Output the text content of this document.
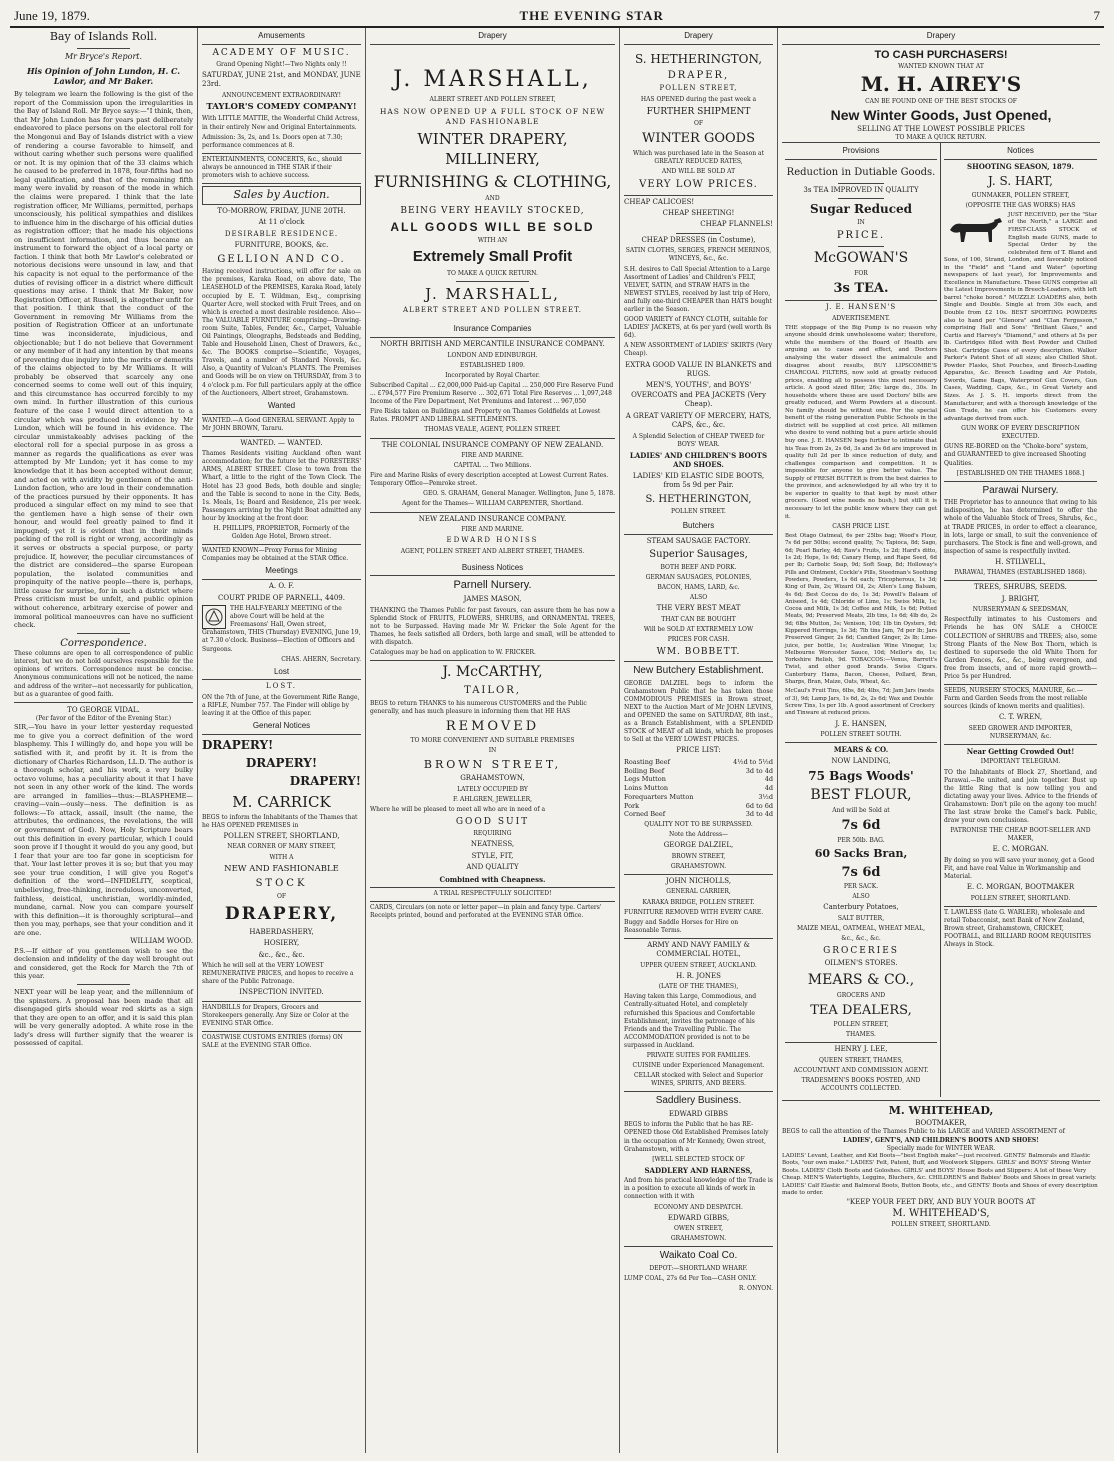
June 19, 1879.	THE EVENING STAR	7
Bay of Islands Roll.
Mr Bryce's Report.
His Opinion of John Lundon, H. C. Lawlor, and Mr Baker.
By telegram we learn the following is the gist of the report of the Commission upon the irregularities in the Bay of Island Roll. Mr Bryce says:—"I think, then, that Mr John Lundon has for years past deliberately endeavored to place persons on the electoral roll for the Mongonui and Bay of Islands district with a view of rendering a course favorable to himself, and without caring whether such persons were qualified or not. It is my opinion that of the 33 claims which he caused to be preferred in 1878, four-fifths had no legal qualification, and that of the remaining fifth many were invalid by reason of the mode in which the claims were prepared. I think that the late registration officer, Mr Williams, permitted, perhaps unconsciously, his political sympathies and dislikes to influence him in the discharge of his official duties as registration officer; that he made his objections on insufficient information, and thus became an instrument to forward the object of a local party or faction. I think that both Mr Lawlor's celebrated or notorious decisions were unsound in law, and that his capacity is not equal to the performance of the duties of revising officer in a district where difficult questions may arise. I think that Mr Baker, now Registration Officer, at Russell, is altogether unfit for that position. I think that the conduct of the Government in removing Mr Williams from the position of Registration Officer at an unfortunate time was inconsiderate, injudicious, and objectionable; but I do not believe that Government or any member of it had any intention by that means of preventing due inquiry into the merits or demerits of the claims objected to by Mr Williams. It will probably be observed that scarcely any one concerned seems to come well out of this inquiry, and this circumstance has occurred forcibly to my own mind. In further illustration of this curious feature of the case I would direct attention to a circular which was produced in evidence by Mr Lundon, which will be found in his evidence. The circular unmistakeably advises packing of the electoral roll for a special purpose in as gross a manner as regards the qualifications as ever was attempted by Mr Lundon; yet it has come to my knowledge that it has been accepted without demur, and acted on with avidity by gentlemen of the anti-Lundon faction, who are loud in their condemnation of the practices pursued by their opponents. It has produced a singular effect on my mind to see that the gentlemen have a high sense of their own honour, and would feel greatly pained to find it impugned; yet it is evident that in their minds packing of the roll is right or wrong, accordingly as it serves or obstructs a special purpose, or party prejudice. If, however, the peculiar circumstances of the district are considered—the sparse European population, the isolated communities and propinquity of the native people—there is, perhaps, little cause for surprise, for in such a district where Press criticism must be unfelt, and public opinion without coherence, arbitrary exercise of power and immoral political manoeuvres can have no sufficient check.
Correspondence.
These columns are open to all correspondence of public interest, but we do not hold ourselves responsible for the opinions of writers. Correspondence must be concise. Anonymous communications will not be noticed, the name and address of the writer—not necessarily for publication, but as a guarantee of good faith.
TO GEORGE VIDAL.
(Per favor of the Editor of the Evening Star.)
SIR,—You have in your letter yesterday requested me to give you a correct definition of the word blasphemy. This I willingly do, and hope you will be satisfied with it, and profit by it. It is from the dictionary of Charles Richardson, LL.D. The author is a thorough scholar, and his work, a very bulky octavo volume, has a peculiarity about it that I have not seen in any other work of the kind. The words are arranged in families—thus:—BLASPHEME—craving—vain—ously—ness. The definition is as follows:—To attack, assail, insult (the name, the attributes, the ordinances, the revelations, the will or government of God). Now, Holy Scripture bears out this definition in every particular, which I could soon prove if I thought it would do you any good, but I fear that your are too far gone in scepticism for that. Your last letter proves it is so; but that you may see your true condition, I will give you Roget's definition of the word—INFIDELITY, sceptical, unbelieving, free-thinking, incredulous, unconverted, faithless, deistical, unchristian, worldly-minded, mundane, carnal. Now you can compare yourself with this definition—it is thoroughly scriptural—and then you may, perhaps, see that your condition and it are one.
WILLIAM WOOD.
P.S.—If either of you gentlemen wish to see the declension and infidelity of the day well brought out and considered, get the Rock for March the 7th of this year.
NEXT year will be leap year, and the millennium of the spinsters. A proposal has been made that all disengaged girls should wear red skirts as a sign that they are open to an offer, and it is said this plan will be very generally adopted. A white rose in the lady's dress will further signify that the wearer is possessed of capital.
Amusements
ACADEMY OF MUSIC.
Grand Opening Night!—Two Nights only !!
SATURDAY, JUNE 21st, and MONDAY, JUNE 23rd.
ANNOUNCEMENT EXTRAORDINARY!
TAYLOR'S COMEDY COMPANY!
With LITTLE MATTIE, the Wonderful Child Actress, in their entirely New and Original Entertainments.
Admission: 3s, 2s, and 1s. Doors open at 7.30; performance commences at 8.
ENTERTAINMENTS, CONCERTS, &c., should always be announced in THE STAR if their promoters wish to achieve success.
Sales by Auction.
TO-MORROW, FRIDAY, JUNE 20TH.
At 11 o'clock
DESIRABLE RESIDENCE.
FURNITURE, BOOKS, &c.
GELLION AND CO.
Having received instructions, will offer for sale on the premises, Karaka Road, on above date, The LEASEHOLD of the PREMISES, Karaka Road, lately occupied by E. T. Wildman, Esq., comprising Quarter Acre, well stocked with Fruit Trees, and on which is erected a most desirable residence. Also—The VALUABLE FURNITURE comprising—Drawing-room Suite, Tables, Fender, &c., Carpet, Valuable Oil Paintings, Oleographs, Bedsteads and Bedding, Table and Household Linen, Chest of Drawers, &c., &c. The BOOKS comprise—Scientific, Voyages, Travels, and a number of Standard Novels, &c. Also, a Quantity of Vulcan's PLANTS. The Premises and Goods will be on view on THURSDAY, from 3 to 4 o'clock p.m. For full particulars apply at the office of the Auctioneers, Albert street, Grahamstown.
Wanted
WANTED.—A Good GENERAL SERVANT. Apply to Mr JOHN BROWN, Tararu.
WANTED. — WANTED.
Thames Residents visiting Auckland often want accommodation; for the future let the FORESTERS' ARMS, ALBERT STREET. Close to town from the Wharf, a little to the right of the Town Clock. The Hotel has 23 good Beds, both double and single; and the Table is second to none in the City. Beds, 1s. Meals, 1s; Board and Residence, 21s per week. Passengers arriving by the Night Boat admitted any hour by knocking at the front door.
H. PHILLIPS, PROPRIETOR, Formerly of the Golden Age Hotel, Brown street.
WANTED KNOWN—Proxy Forms for Mining Companies may be obtained at the STAR Office.
Meetings
A. O. F.
COURT PRIDE OF PARNELL, 4409.
THE HALF-YEARLY MEETING of the above Court will be held at the Freemasons' Hall, Owen street, Grahamstown, THIS (Thursday) EVENING, June 19, at 7.30 o'clock. Business—Election of Officers and Surgeons.
CHAS. AHERN, Secretary.
Lost
LOST.
ON the 7th of June, at the Government Rifle Range, a RIFLE, Number 757. The Finder will oblige by leaving it at the Office of this paper.
General Notices
DRAPERY!
DRAPERY!
DRAPERY!
M. CARRICK
BEGS to inform the Inhabitants of the Thames that he HAS OPENED PREMISES in
POLLEN STREET, SHORTLAND,
NEAR CORNER OF MARY STREET,
WITH A
NEW AND FASHIONABLE
STOCK
OF
DRAPERY,
HABERDASHERY,
HOSIERY,
&c., &c., &c.
Which he will sell at the VERY LOWEST REMUNERATIVE PRICES, and hopes to receive a share of the Public Patronage.
INSPECTION INVITED.
HANDBILLS for Drapers, Grocers and Storekeepers generally. Any Size or Color at the EVENING STAR Office.
COASTWISE CUSTOMS ENTRIES (forms) ON SALE at the EVENING STAR Office.
Drapery
J. MARSHALL,
ALBERT STREET AND POLLEN STREET,
HAS NOW OPENED UP A FULL STOCK OF NEW AND FASHIONABLE
WINTER DRAPERY, MILLINERY,
FURNISHING & CLOTHING,
AND
BEING VERY HEAVILY STOCKED,
ALL GOODS WILL BE SOLD
WITH AN
Extremely Small Profit
TO MAKE A QUICK RETURN.
J. MARSHALL,
ALBERT STREET AND POLLEN STREET.
Insurance Companies
NORTH BRITISH AND MERCANTILE INSURANCE COMPANY.
LONDON AND EDINBURGH.
ESTABLISHED 1809.
Incorporated by Royal Charter.
Subscribed Capital ... £2,000,000 Paid-up Capital ... 250,000 Fire Reserve Fund ... £794,577 Fire Premium Reserve ... 302,671 Total Fire Reserves ... 1,097,248 Income of the Fire Department, Net Premiums and Interest ... 967,050
Fire Risks taken on Buildings and Property on Thames Goldfields at Lowest Rates. PROMPT AND LIBERAL SETTLEMENTS.
THOMAS VEALE, AGENT, POLLEN STREET.
THE COLONIAL INSURANCE COMPANY OF NEW ZEALAND.
FIRE AND MARINE.
CAPITAL ... Two Millions.
Fire and Marine Risks of every description accepted at Lowest Current Rates. Temporary Office—Pemroke street.
GEO. S. GRAHAM, General Manager. Wellington, June 5, 1878.
Agent for the Thames— WILLIAM CARPENTER, Shortland.
NEW ZEALAND INSURANCE COMPANY.
FIRE AND MARINE.
EDWARD HONISS
AGENT, POLLEN STREET AND ALBERT STREET, THAMES.
Business Notices
Parnell Nursery.
JAMES MASON,
THANKING the Thames Public for past favours, can assure them he has now a Splendid Stock of FRUITS, FLOWERS, SHRUBS, and ORNAMENTAL TREES, not to be Surpassed. Having made Mr W. Fricker the Sole Agent for the Thames, he feels satisfied all Orders, both large and small, will be attended to with dispatch.
Catalogues may be had on application to W. FRICKER.
J. McCARTHY,
TAILOR,
BEGS to return THANKS to his numerous CUSTOMERS and the Public generally, and has much pleasure in informing them that HE HAS
REMOVED
TO MORE CONVENIENT AND SUITABLE PREMISES
IN
BROWN STREET,
GRAHAMSTOWN,
LATELY OCCUPIED BY
F. AHLGREN, JEWELLER,
Where he will be pleased to meet all who are in need of a
GOOD SUIT
REQUIRING
NEATNESS,
STYLE, FIT,
AND QUALITY
Combined with Cheapness.
A TRIAL RESPECTFULLY SOLICITED!
CARDS, Circulars (on note or letter paper—in plain and fancy type. Carters' Receipts printed, bound and perforated at the EVENING STAR Office.
Drapery
S. HETHERINGTON,
DRAPER,
POLLEN STREET,
HAS OPENED during the past week a
FURTHER SHIPMENT
OF
WINTER GOODS
Which was purchased late in the Season at GREATLY REDUCED RATES,
AND WILL BE SOLD AT
VERY LOW PRICES.
CHEAP CALICOES!
CHEAP SHEETING!
CHEAP FLANNELS!
CHEAP DRESSES (in Costume),
SATIN CLOTHS, SERGES, FRENCH MERINOS, WINCEYS, &c., &c.
S.H. desires to Call Special Attention to a Large Assortment of Ladies' and Children's FELT, VELVET, SATIN, and STRAW HATS in the NEWEST STYLES, received by last trip of Hero, and fully one-third CHEAPER than HATS bought earlier in the Season.
GOOD VARIETY of FANCY CLOTH, suitable for LADIES' JACKETS, at 6s per yard (well worth 8s 6d).
A NEW ASSORTMENT of LADIES' SKIRTS (Very Cheap).
EXTRA GOOD VALUE IN BLANKETS and RUGS.
MEN'S, YOUTHS', and BOYS' OVERCOATS and PEA JACKETS (Very Cheap).
A GREAT VARIETY OF MERCERY, HATS, CAPS, &c., &c.
A Splendid Selection of CHEAP TWEED for BOYS' WEAR.
LADIES' AND CHILDREN'S BOOTS AND SHOES.
LADIES' KID ELASTIC SIDE BOOTS, from 5s 9d per Pair.
S. HETHERINGTON,
POLLEN STREET.
Butchers
STEAM SAUSAGE FACTORY.
Superior Sausages,
BOTH BEEF AND PORK.
GERMAN SAUSAGES, POLONIES,
BACON, HAMS, LARD, &c.
ALSO
THE VERY BEST MEAT
THAT CAN BE BOUGHT
Will be SOLD AT EXTREMELY LOW
PRICES FOR CASH.
WM. BOBBETT.
New Butchery Establishment.
GEORGE DALZIEL begs to inform the Grahamstown Public that he has taken those COMMODIOUS PREMISES in Brown street, NEXT to the Auction Mart of Mr JOHN LEVINS, and OPENED the same on SATURDAY, 8th inst., as a Branch Establishment, with a SPLENDID STOCK of MEAT of all kinds, which he proposes to Sell at the VERY LOWEST PRICES.
PRICE LIST:
Roasting Beef	4½d to 5½d
Boiling Beef	3d to 4d
Legs Mutton	4d
Loins Mutton	4d
Forequarters Mutton	3½d
Pork	6d to 6d
Corned Beef	3d to 4d
QUALITY NOT TO BE SURPASSED.
Note the Address—
GEORGE DALZIEL,
BROWN STREET,
GRAHAMSTOWN.
JOHN NICHOLLS,
GENERAL CARRIER,
KARAKA BRIDGE, POLLEN STREET.
FURNITURE REMOVED WITH EVERY CARE.
Buggy and Saddle Horses for Hire on Reasonable Terms.
ARMY AND NAVY FAMILY & COMMERCIAL HOTEL,
UPPER QUEEN STREET, AUCKLAND.
H. R. JONES
(LATE OF THE THAMES),
Having taken this Large, Commodious, and Centrally-situated Hotel, and completely refurnished this Spacious and Comfortable Establishment, invites the patronage of his Friends and the Travelling Public. The ACCOMMODATION provided is not to be surpassed in Auckland.
PRIVATE SUITES FOR FAMILIES.
CUISINE under Experienced Management.
CELLAR stocked with Select and Superior WINES, SPIRITS, AND BEERS.
Saddlery Business.
EDWARD GIBBS
BEGS to inform the Public that he has RE-OPENED those Old Established Premises lately in the occupation of Mr Kennedy, Owen street, Grahamstown, with a
[WELL SELECTED STOCK OF
SADDLERY AND HARNESS,
And from his practical knowledge of the Trade is in a position to execute all kinds of work in connection with it with
ECONOMY AND DESPATCH.
EDWARD GIBBS,
OWEN STREET,
GRAHAMSTOWN.
Waikato Coal Co.
DEPOT:—SHORTLAND WHARF.
LUMP COAL, 27s 6d Per Ton—CASH ONLY.
R. ONYON.
Drapery
TO CASH PURCHASERS!
WANTED KNOWN THAT AT
M. H. AIREY'S
CAN BE FOUND ONE OF THE BEST STOCKS OF
New Winter Goods, Just Opened,
SELLING AT THE LOWEST POSSIBLE PRICES
TO MAKE A QUICK RETURN.
Provisions
Reduction in Dutiable Goods.
3s TEA IMPROVED IN QUALITY
Sugar Reduced
IN
PRICE.
McGOWAN'S
FOR
3s TEA.
J. E. HANSEN'S
ADVERTISEMENT.
THE stoppage of the Big Pump is no reason why anyone should drink unwholesome water; therefore, while the members of the Board of Health are arguing as to cause and effect, and Doctors analysing the water dissect the animalcule and disagree about results, BUY LIPSCOMBE'S CHARCOAL FILTERS, now sold at greatly reduced prices, enabling all to possess this most necessary article. A good sized filter, 26s; large do., 30s. In households where these are used Doctors' bills are greatly reduced, and Worm Powders at a discount. No family should be without one. For the special benefit of the rising generation Public Schools in the district will be supplied at cost price. All milkmen who desire to vend nothing but a pure article should buy one. J. E. HANSEN begs further to intimate that his Teas from 2s, 2s 6d, 3s and 3s 6d are improved in quality full 2d per lb since reduction of duty, and challenges comparison and competition. It is impossible for anyone to give better value. The Supply of FRESH BUTTER is from the best dairies to the province, and acknowledged by all who try it to be superior in quality to that kept by most other grocers. (Good wine needs no bush,) but still it is necessary to let the public know where they can get it.
CASH PRICE LIST.
Best Otago Oatmeal, 6s per 25lbs bag; Wood's Flour, 7s 6d per 50lbs; second quality, 7s; Tapioca, 8d; Sago, 6d; Pearl Barley, 4d; Raw's Fruits, 1s 2d; Hard's ditto, 1s 2d; Hops, 1s 6d; Canary Hemp, and Rape Seed, 6d per lb; Carbolic Soap, 9d; Soft Soap, 8d; Holloway's Pills and Ointment, Cockle's Pills, Steedman's Soothing Powders, Powders, 1s 6d each; Tricopherous, 1s 3d; King of Pain, 2s; Wizard Oil, 2s; Allen's Lung Balsam, 4s 6d; Best Cocoa do do, 1s 3d; Powell's Balsam of Aniseed, 1s 4d; Chloride of Lime, 1s; Swiss Milk, 1s; Cocoa and Milk, 1s 3d; Coffee and Milk, 1s 6d; Potted Meats, 9d; Preserved Meats, 2lb tins, 1s 6d; 4lb do, 2s 9d; 6lbs Mutton, 3s; Venison, 10d; 1lb tin Oysters, 9d; Kippered Herrings, 1s 3d; 7lb tins Jam, 7d per lb; Jars Preserved Ginger, 2s 6d; Candied Ginger, 2s lb; Lime-juice, per bottle, 1s; Australian Wine Vinegar, 1s; Melbourne Worcester Sauce, 10d; Mellor's do, 1s; Yorkshire Relish, 9d. TOBACCOS:—Venus, Barrett's Twist, and other good brands. Swiss Cigars. Canterbury Hams, Bacon, Cheese, Pollard, Bran, Sharps, Bran, Maize, Oats, Wheat, &c.
McCaul's Fruit Tins, 6lbs, 8d; 4lbs, 7d; Jam Jars (nests of 3), 9d; Lamp Jars, 1s 6d, 2s, 2s 6d; Wax and Double Screw Tins, 1s per 1lb. A good assortment of Crockery and Tinware at reduced prices.
J. E. HANSEN,
POLLEN STREET SOUTH.
MEARS & CO.
NOW LANDING,
75 Bags Woods'
BEST FLOUR,
And will be Sold at
7s 6d
PER 50lb. BAG.
60 Sacks Bran,
7s 6d
PER SACK.
ALSO
Canterbury Potatoes,
SALT BUTTER,
MAIZE MEAL, OATMEAL, WHEAT MEAL,
&c., &c., &c.
GROCERIES
OILMEN'S STORES.
MEARS & CO.,
GROCERS AND
TEA DEALERS,
POLLEN STREET,
THAMES.
HENRY J. LEE,
QUEEN STREET, THAMES,
ACCOUNTANT AND COMMISSION AGENT.
TRADESMEN'S BOOKS POSTED, AND ACCOUNTS COLLECTED.
Notices
SHOOTING SEASON, 1879.
J. S. HART,
GUNMAKER, POLLEN STREET,
(OPPOSITE THE GAS WORKS) HAS
JUST RECEIVED, per the "Star of the North," a LARGE and FIRST-CLASS STOCK of English made GUNS, made to Special Order by the celebrated firm of T. Bland and Sons, of 106, Strand, London, and favorably noticed in the "Field" and "Land and Water" (sporting newspapers of last year), for Improvements and Excellence in Manufacture. These GUNS comprise all the Latest Improvements in Breech-Loaders, with left barrel "choke bored." MUZZLE LOADERS also, both Single and Double. Single at from 30s each, and Double from £2 10s. BEST SPORTING POWDERS also to hand per "Glenora" and "Clan Fergusson," comprising Hall and Sons' "Brilliant Glaze," and Curtis and Harvey's "Diamond," and others at 5s per lb. Cartridges filled with Best Powder and Chilled Shot. Cartridge Cases of every description. Walker Parker's Patent Shot of all sizes; also Chilled Shot. Powder Flasks, Shot Pouches, and Breech-Loading Apparatus, &c. Breech Loading and Air Pistols, Swords, Game Bags, Waterproof Gun Covers, Gun Cases, Wadding, Caps, &c., in Great Variety and Sizes. As J. S. H. imports direct from the Manufacturer, and with a thorough knowledge of the Gun Trade, he can offer his Customers every advantage derived from such.
GUN WORK OF EVERY DESCRIPTION EXECUTED.
GUNS RE-BORED on the "Choke-bore" system, and GUARANTEED to give increased Shooting Qualities.
[ESTABLISHED ON THE THAMES 1868.]
Parawai Nursery.
THE Proprietor has to announce that owing to his indisposition, he has determined to offer the whole of the Valuable Stock of Trees, Shrubs, &c., at TRADE PRICES, in order to effect a clearance, in lots, large or small, to suit the convenience of purchasers. The Stock is fine and well-grown, and inspection of same is respectfully invited.
H. STILWELL,
PARAWAI, THAMES (ESTABLISHED 1868).
TREES, SHRUBS, SEEDS.
J. BRIGHT,
NURSERYMAN & SEEDSMAN,
Respectfully intimates to his Customers and Friends he has ON SALE a CHOICE COLLECTION of SHRUBS and TREES; also, some Strong Plants of the New Box Thorn, which is destined to supersede the old White Thorn for Garden Fences, &c., &c., being evergreen, and free from insects, and of more rapid growth—Price 5s per Hundred.
SEEDS, NURSERY STOCKS, MANURE, &c.—Farm and Garden Seeds from the most reliable sources (kinds of known merits and qualities).
C. T. WREN,
SEED GROWER AND IMPORTER, NURSERYMAN, &c.
Near Getting Crowded Out!
IMPORTANT TELEGRAM.
TO the Inhabitants of Block 27, Shortland, and Parawai.—Be united, and join together. Bust up the little Ring that is now telling you and dictating away your lives. Advice to the friends of Grahamstown: Don't pile on the agony too much! The last straw broke the Camel's back. Public, draw your own conclusions.
PATRONISE THE CHEAP BOOT-SELLER AND MAKER,
E. C. MORGAN.
By doing so you will save your money, get a Good Fit, and have real Value in Workmanship and Material.
E. C. MORGAN, BOOTMAKER
POLLEN STREET, SHORTLAND.
T. LAWLESS (late G. WARLER), wholesale and retail Tobacconist, next Bank of New Zealand, Brown street, Grahamstown, CRICKET, FOOTBALL, and BILLIARD ROOM REQUISITES Always in Stock.
M. WHITEHEAD,
BOOTMAKER,
BEGS to call the attention of the Thames Public to his LARGE and VARIED ASSORTMENT of
LADIES', GENT'S, AND CHILDREN'S BOOTS AND SHOES!
Specially made for WINTER WEAR.
LADIES' Levant, Leather, and Kid Boots—"best English make"—just received. GENTS' Balmorals and Elastic Boots, "our own make." LADIES' Felt, Patent, Buff, and Woolwork Slippers. GIRLS' and BOYS' Strong Winter Boots. LADIES' Cloth Boots and Goloshes. GIRLS' and BOYS' House Boots and Slippers: A lot of these Very Cheap. MEN'S Watertights, Leggins, Bluchers, &c. CHILDREN'S and Babies' Boots and Shoes in great variety. LADIES' Calf Elastic and Balmoral Boots, Button Boots, etc., and GENTS' Boots and Shoes of every description made to order.
"KEEP YOUR FEET DRY, AND BUY YOUR BOOTS AT
M. WHITEHEAD'S,
POLLEN STREET, SHORTLAND.
